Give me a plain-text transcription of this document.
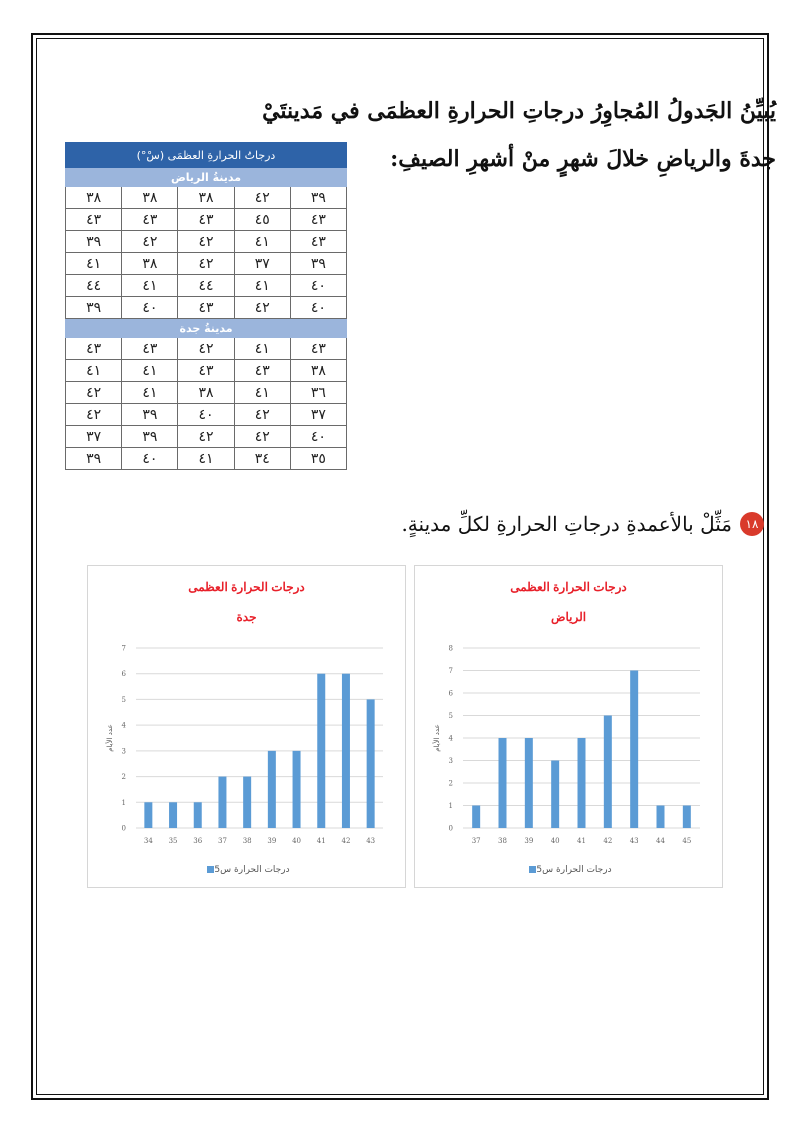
يُبيِّنُ الجَدولُ المُجاوِرُ درجاتِ الحرارةِ العظمَى في مَدينتَيْ
جدةَ والرياضِ خلالَ شهرٍ منْ أشهرِ الصيفِ:
درجاتُ الحرارةِ العظمَى (سْ°)				
مدينةُ الرياض				
٣٩	٤٢	٣٨	٣٨	٣٨
٤٣	٤٥	٤٣	٤٣	٤٣
٤٣	٤١	٤٢	٤٢	٣٩
٣٩	٣٧	٤٢	٣٨	٤١
٤٠	٤١	٤٤	٤١	٤٤
٤٠	٤٢	٤٣	٤٠	٣٩
مدينةُ جدة				
٤٣	٤١	٤٢	٤٣	٤٣
٣٨	٤٣	٤٣	٤١	٤١
٣٦	٤١	٣٨	٤١	٤٢
٣٧	٤٢	٤٠	٣٩	٤٢
٤٠	٤٢	٤٢	٣٩	٣٧
٣٥	٣٤	٤١	٤٠	٣٩
١٨
مَثِّلْ بالأعمدةِ درجاتِ الحرارةِ لكلِّ مدينةٍ.
درجات الحرارة العظمى
جدة
0
1
2
3
4
5
6
7
34 35 36 37 38 39 40 41 42 43
عدد الأيام
درجات الحرارة س5
درجات الحرارة العظمى
الرياض
0
1
2
3
4
5
6
7
8
37 38 39 40 41 42 43 44 45
عدد الأيام
درجات الحرارة س5
